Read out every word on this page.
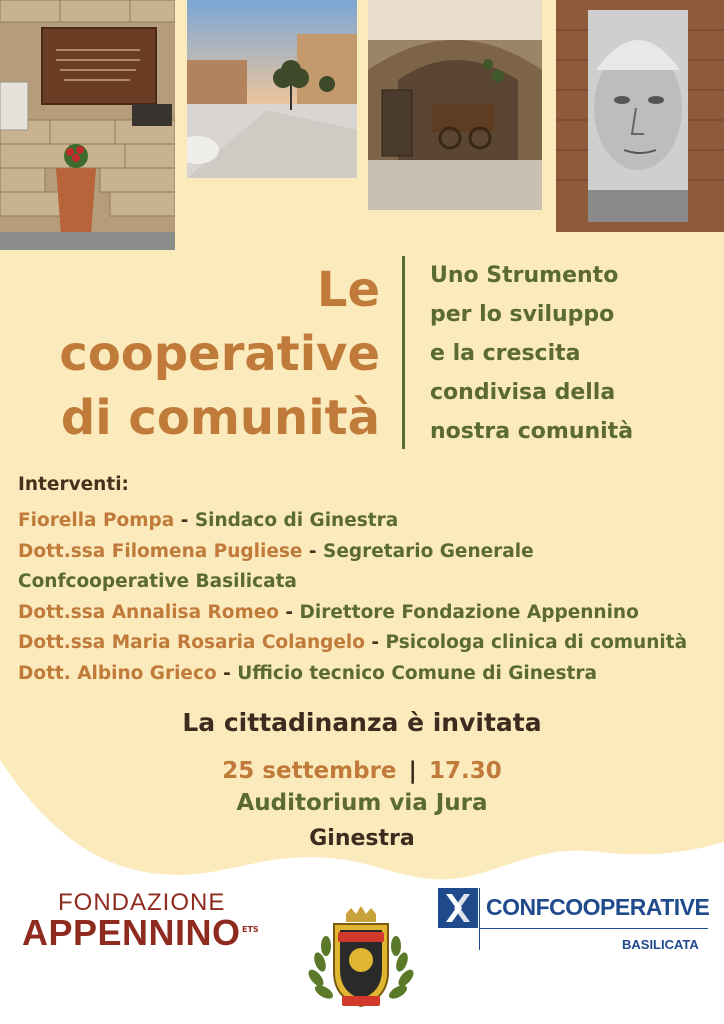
Le
cooperative
di comunità
Uno Strumento
per lo sviluppo
e la crescita
condivisa della
nostra comunità
Interventi:
Fiorella Pompa - Sindaco di Ginestra
Dott.ssa Filomena Pugliese - Segretario Generale
Confcooperative Basilicata
Dott.ssa Annalisa Romeo - Direttore Fondazione Appennino
Dott.ssa Maria Rosaria Colangelo - Psicologa clinica di comunità
Dott. Albino Grieco - Ufficio tecnico Comune di Ginestra
La cittadinanza è invitata
25 settembre | 17.30
Auditorium via Jura
Ginestra
FONDAZIONE
APPENNINO ETS
CONFCOOPERATIVE
BASILICATA
